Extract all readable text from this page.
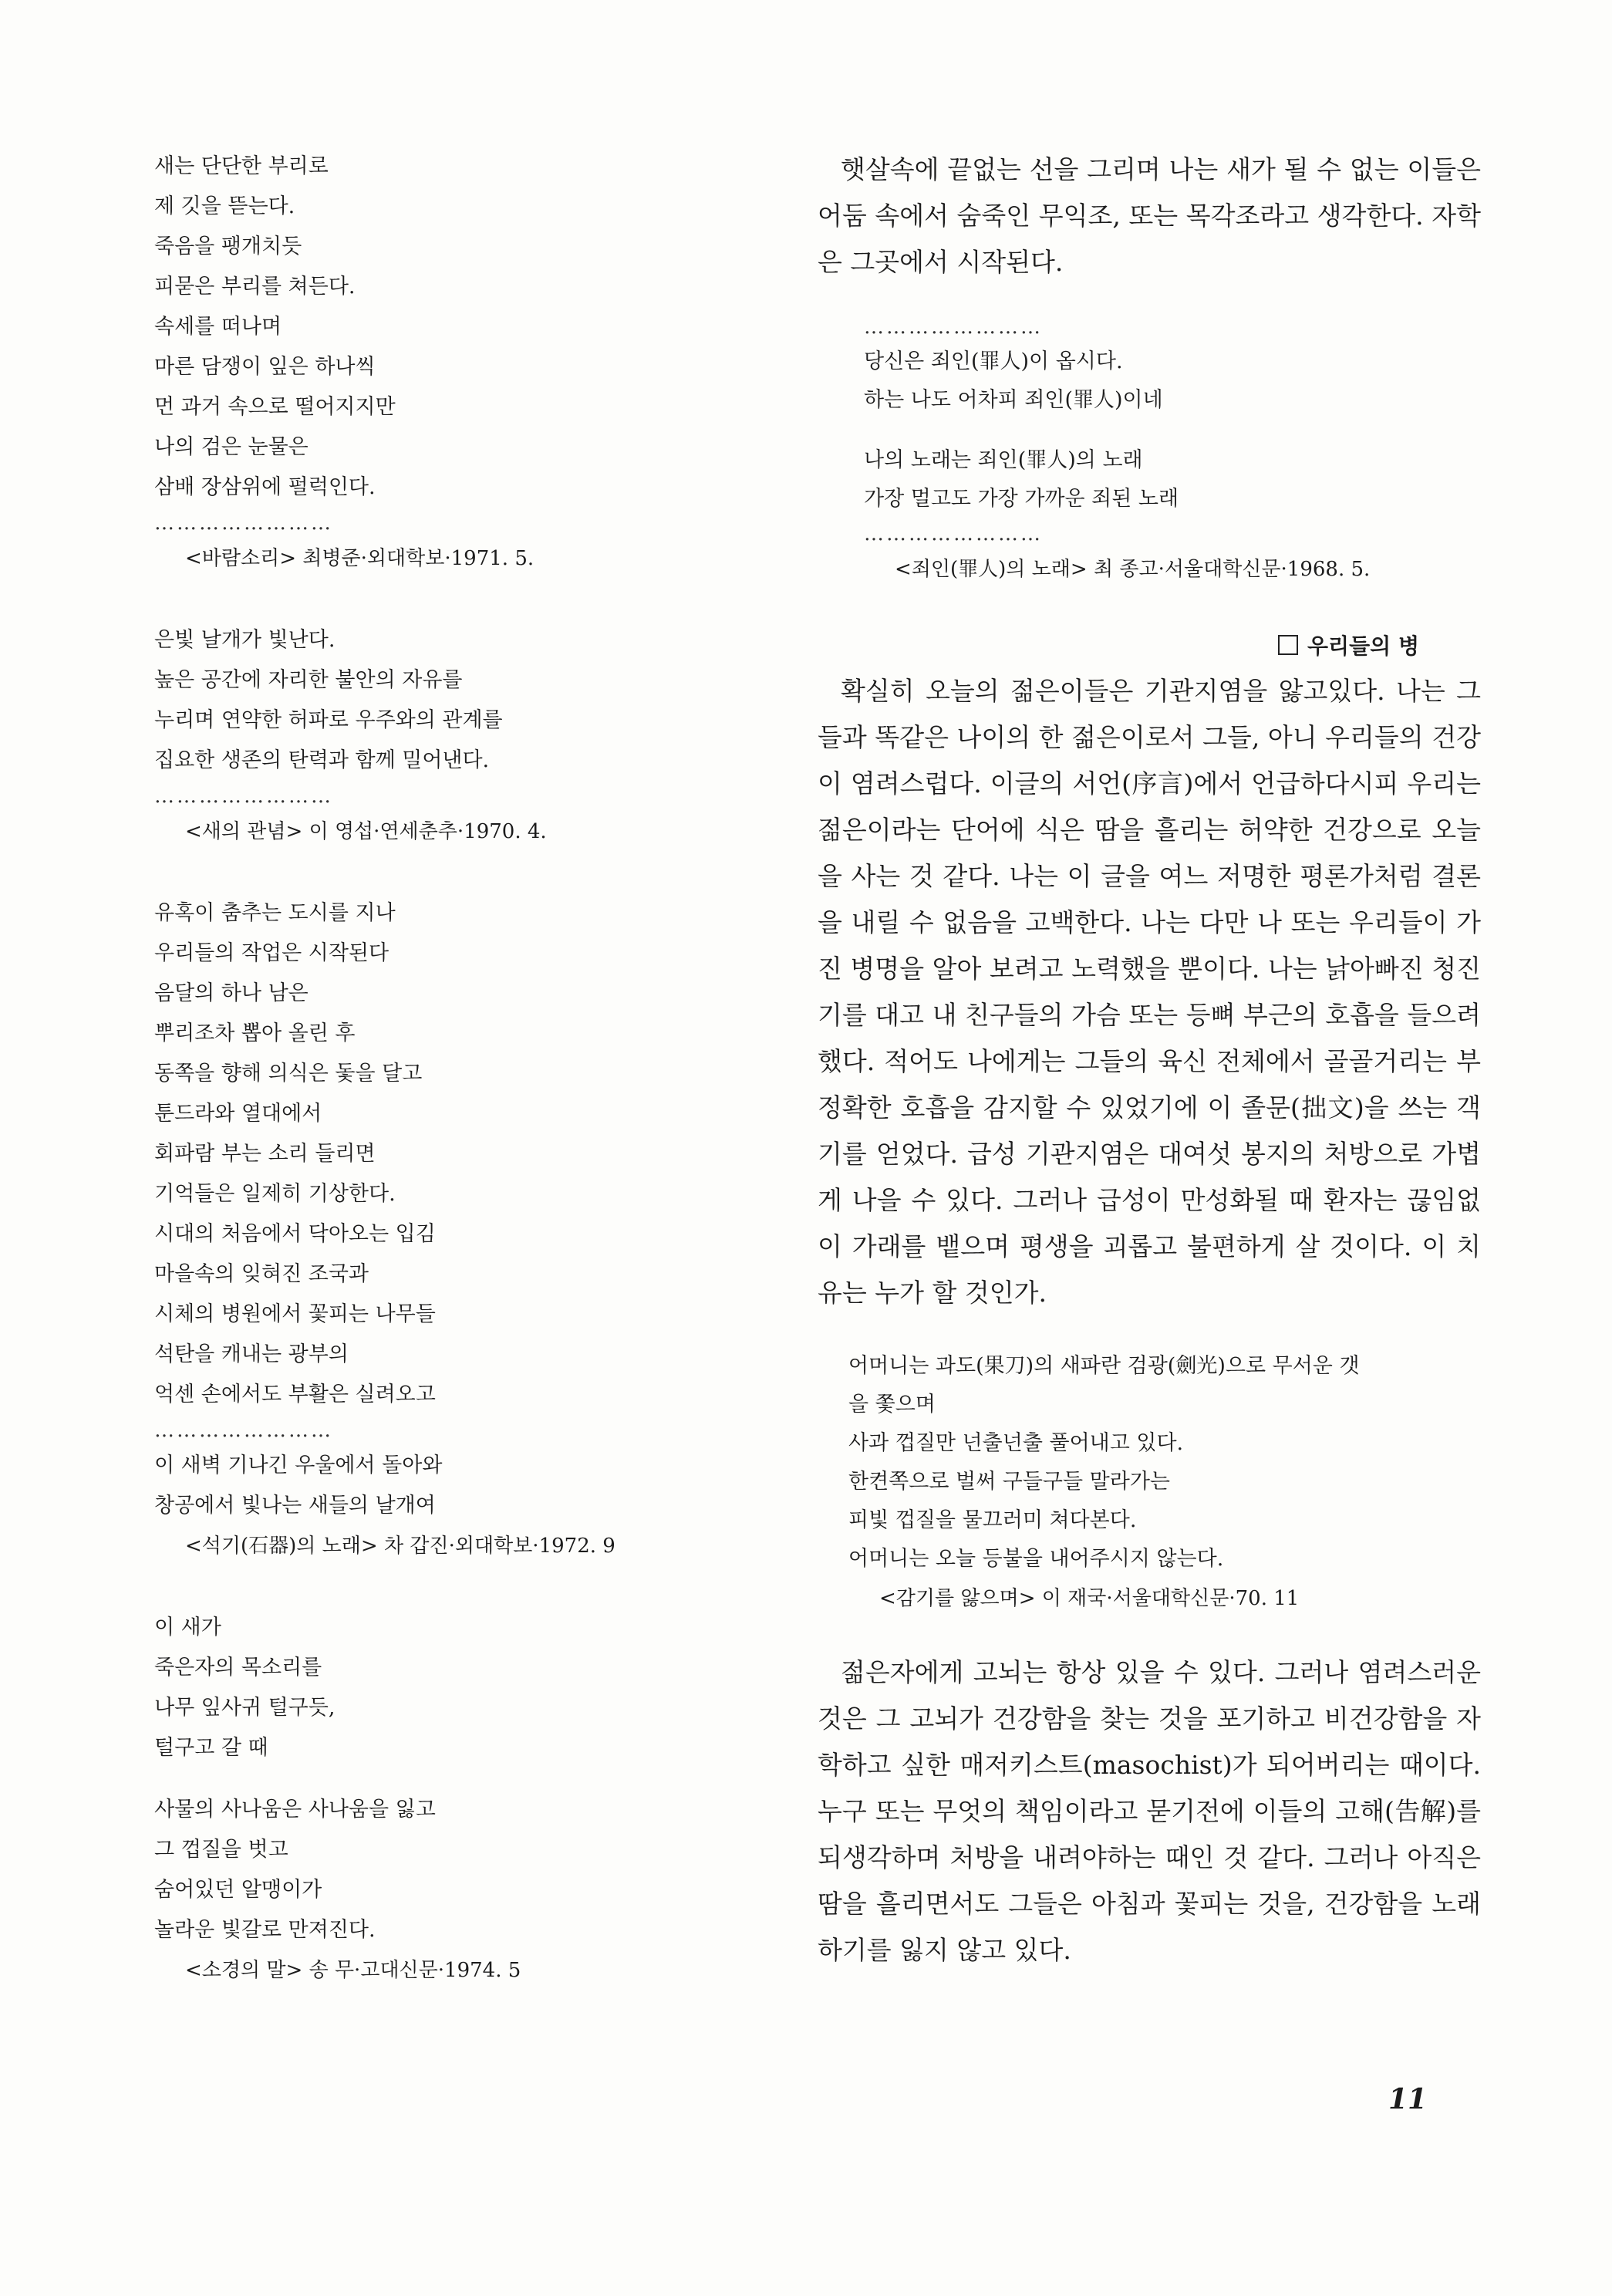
새는 단단한 부리로
제 깃을 뜯는다.
죽음을 팽개치듯
피묻은 부리를 쳐든다.
속세를 떠나며
마른 담쟁이 잎은 하나씩
먼 과거 속으로 떨어지지만
나의 검은 눈물은
삼배 장삼위에 펄럭인다.
……………………
<바람소리> 최병준·외대학보·1971. 5.
은빛 날개가 빛난다.
높은 공간에 자리한 불안의 자유를
누리며 연약한 허파로 우주와의 관계를
집요한 생존의 탄력과 함께 밀어낸다.
……………………
<새의 관념> 이 영섭·연세춘추·1970. 4.
유혹이 춤추는 도시를 지나
우리들의 작업은 시작된다
음달의 하나 남은
뿌리조차 뽑아 올린 후
동쪽을 향해 의식은 돛을 달고
툰드라와 열대에서
회파람 부는 소리 들리면
기억들은 일제히 기상한다.
시대의 처음에서 닥아오는 입김
마을속의 잊혀진 조국과
시체의 병원에서 꽃피는 나무들
석탄을 캐내는 광부의
억센 손에서도 부활은 실려오고
……………………
이 새벽 기나긴 우울에서 돌아와
창공에서 빛나는 새들의 날개여
<석기(石器)의 노래> 차 갑진·외대학보·1972. 9
이 새가
죽은자의 목소리를
나무 잎사귀 털구듯,
털구고 갈 때
사물의 사나움은 사나움을 잃고
그 껍질을 벗고
숨어있던 알맹이가
놀라운 빛갈로 만져진다.
<소경의 말> 송 무·고대신문·1974. 5

햇살속에 끝없는 선을 그리며 나는 새가 될 수 없는 이들은 어둠 속에서 숨죽인 무익조, 또는 목각조라고 생각한다. 자학은 그곳에서 시작된다.

……………………
당신은 죄인(罪人)이 옵시다.
하는 나도 어차피 죄인(罪人)이네
나의 노래는 죄인(罪人)의 노래
가장 멀고도 가장 가까운 죄된 노래
……………………
<죄인(罪人)의 노래> 최 종고·서울대학신문·1968. 5.
우리들의 병

확실히 오늘의 젊은이들은 기관지염을 앓고있다. 나는 그들과 똑같은 나이의 한 젊은이로서 그들, 아니 우리들의 건강이 염려스럽다. 이글의 서언(序言)에서 언급하다시피 우리는 젊은이라는 단어에 식은 땀을 흘리는 허약한 건강으로 오늘을 사는 것 같다. 나는 이 글을 여느 저명한 평론가처럼 결론을 내릴 수 없음을 고백한다. 나는 다만 나 또는 우리들이 가진 병명을 알아 보려고 노력했을 뿐이다. 나는 낡아빠진 청진기를 대고 내 친구들의 가슴 또는 등뼈 부근의 호흡을 들으려했다. 적어도 나에게는 그들의 육신 전체에서 골골거리는 부정확한 호흡을 감지할 수 있었기에 이 졸문(拙文)을 쓰는 객기를 얻었다. 급성 기관지염은 대여섯 봉지의 처방으로 가볍게 나을 수 있다. 그러나 급성이 만성화될 때 환자는 끊임없이 가래를 뱉으며 평생을 괴롭고 불편하게 살 것이다. 이 치유는 누가 할 것인가.

어머니는 과도(果刀)의 새파란 검광(劍光)으로 무서운 갯
을 쫓으며
사과 껍질만 넌출넌출 풀어내고 있다.
한켠쪽으로 벌써 구들구들 말라가는
피빛 껍질을 물끄러미 쳐다본다.
어머니는 오늘 등불을 내어주시지 않는다.
<감기를 앓으며> 이 재국·서울대학신문·70. 11

젊은자에게 고뇌는 항상 있을 수 있다. 그러나 염려스러운 것은 그 고뇌가 건강함을 찾는 것을 포기하고 비건강함을 자학하고 싶한 매저키스트(masochist)가 되어버리는 때이다. 누구 또는 무엇의 책임이라고 묻기전에 이들의 고해(告解)를 되생각하며 처방을 내려야하는 때인 것 같다. 그러나 아직은 땀을 흘리면서도 그들은 아침과 꽃피는 것을, 건강함을 노래하기를 잃지 않고 있다.

11
